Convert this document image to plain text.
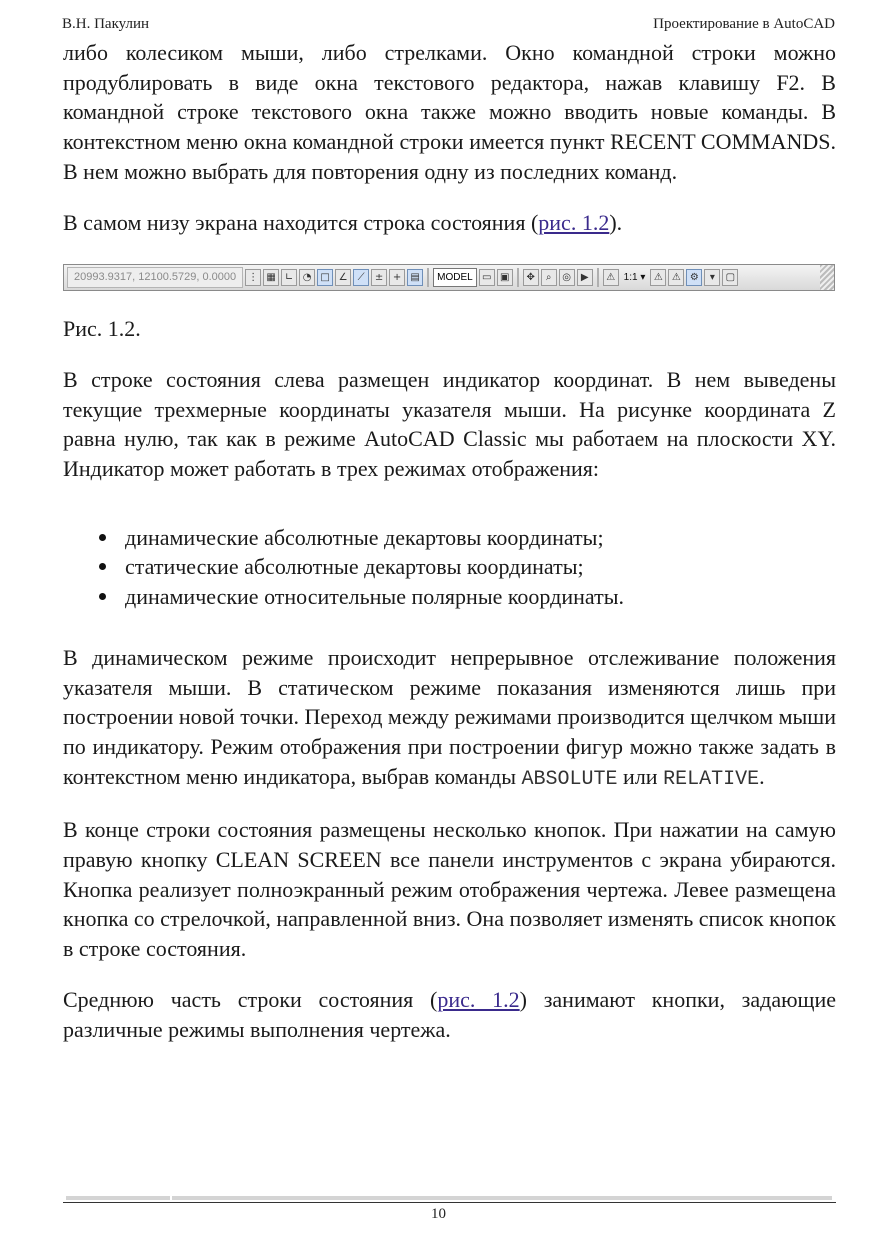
В.Н. Пакулин	Проектирование в AutoCAD

либо колесиком мыши, либо стрелками. Окно командной строки можно продублировать в виде окна текстового редактора, нажав клавишу F2. В командной строке текстового окна также можно вводить новые команды. В контекстном меню окна командной строки имеется пункт RECENT COMMANDS. В нем можно выбрать для повторения одну из последних команд.

В самом низу экрана находится строка состояния (рис. 1.2).

20993.9317, 12100.5729, 0.0000	⋮ ▦ ∟ ◔ □ ∠	⟋	± + ▤	MODEL ▭ ▣	✥	⌕	◎ ▶	⚠ 1:1 ▾ ⚠ ⚠ ⚙	▾	▢

Рис. 1.2.

В строке состояния слева размещен индикатор координат. В нем выведены текущие трехмерные координаты указателя мыши. На рисунке координата Z равна нулю, так как в режиме AutoCAD Classic мы работаем на плоскости XY. Индикатор может работать в трех режимах отображения:

динамические абсолютные декартовы координаты;
статические абсолютные декартовы координаты;
динамические относительные полярные координаты.

В динамическом режиме происходит непрерывное отслеживание положения указателя мыши. В статическом режиме показания изменяются лишь при построении новой точки. Переход между режимами производится щелчком мыши по индикатору. Режим отображения при построении фигур можно также задать в контекстном меню индикатора, выбрав команды ABSOLUTE или RELATIVE.

В конце строки состояния размещены несколько кнопок. При нажатии на самую правую кнопку CLEAN SCREEN все панели инструментов с экрана убираются. Кнопка реализует полноэкранный режим отображения чертежа. Левее размещена кнопка со стрелочкой, направленной вниз. Она позволяет изменять список кнопок в строке состояния.

Среднюю часть строки состояния (рис. 1.2) занимают кнопки, задающие различные режимы выполнения чертежа.

10
